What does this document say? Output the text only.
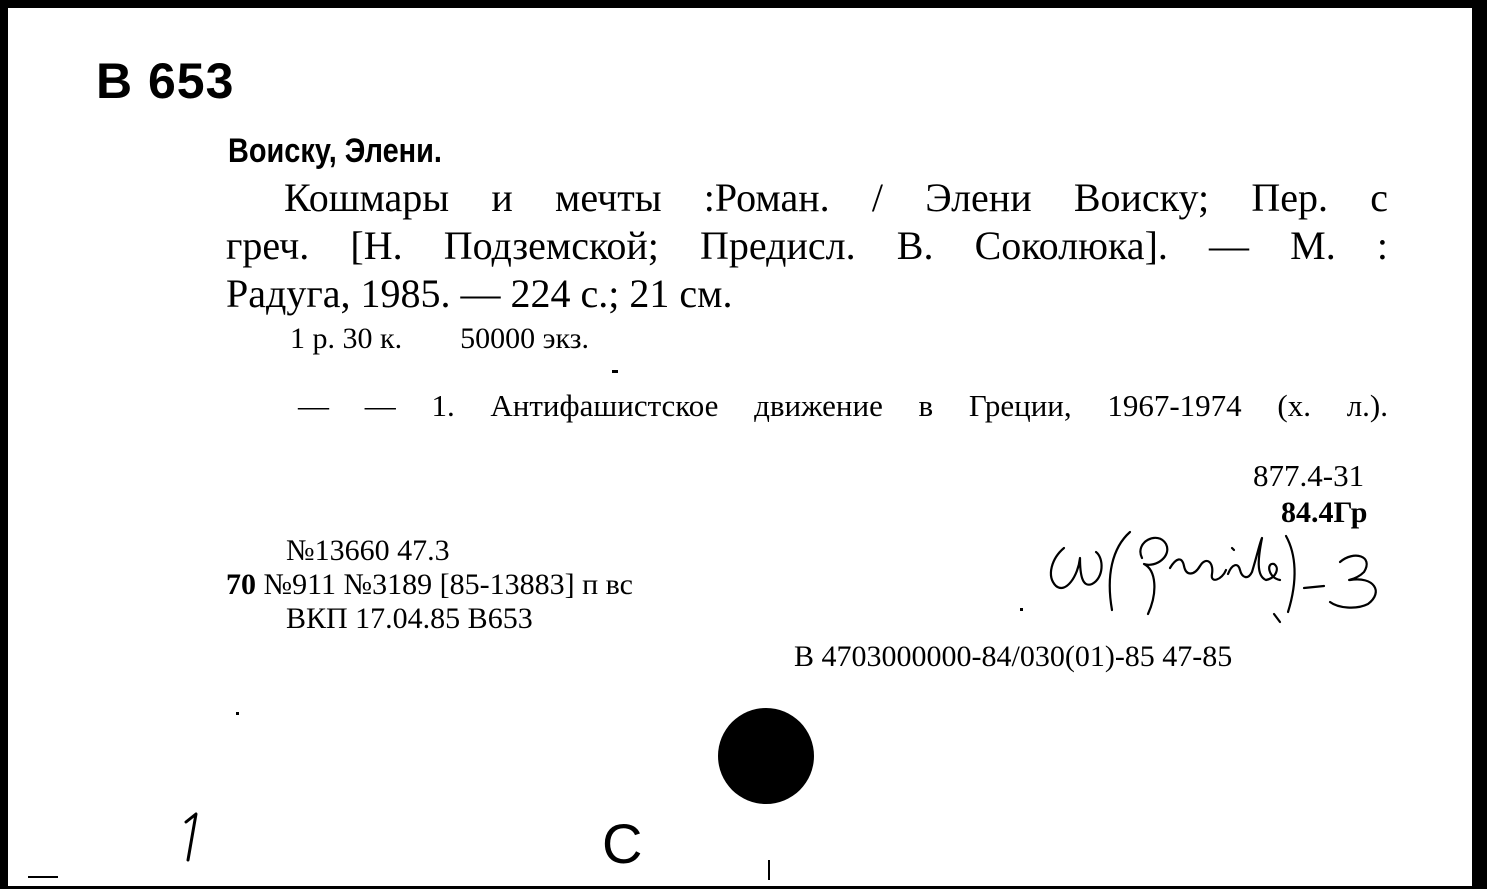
B 653
Воиску, Элени.
Кошмары и мечты :Роман. / Элени Воиску; Пер. с
греч. [Н. Подземской; Предисл. В. Соколюка]. — М. :
Радуга, 1985. — 224 с.; 21 см.
1 р. 30 к. 50000 экз.
— — 1. Антифашистское движение в Греции, 1967-1974 (х. л.).
877.4-31
84.4Гр
№13660 47.3
70 №911 №3189 [85-13883] п вс
ВКП 17.04.85 В653
В 4703000000-84/030(01)-85 47-85
С
